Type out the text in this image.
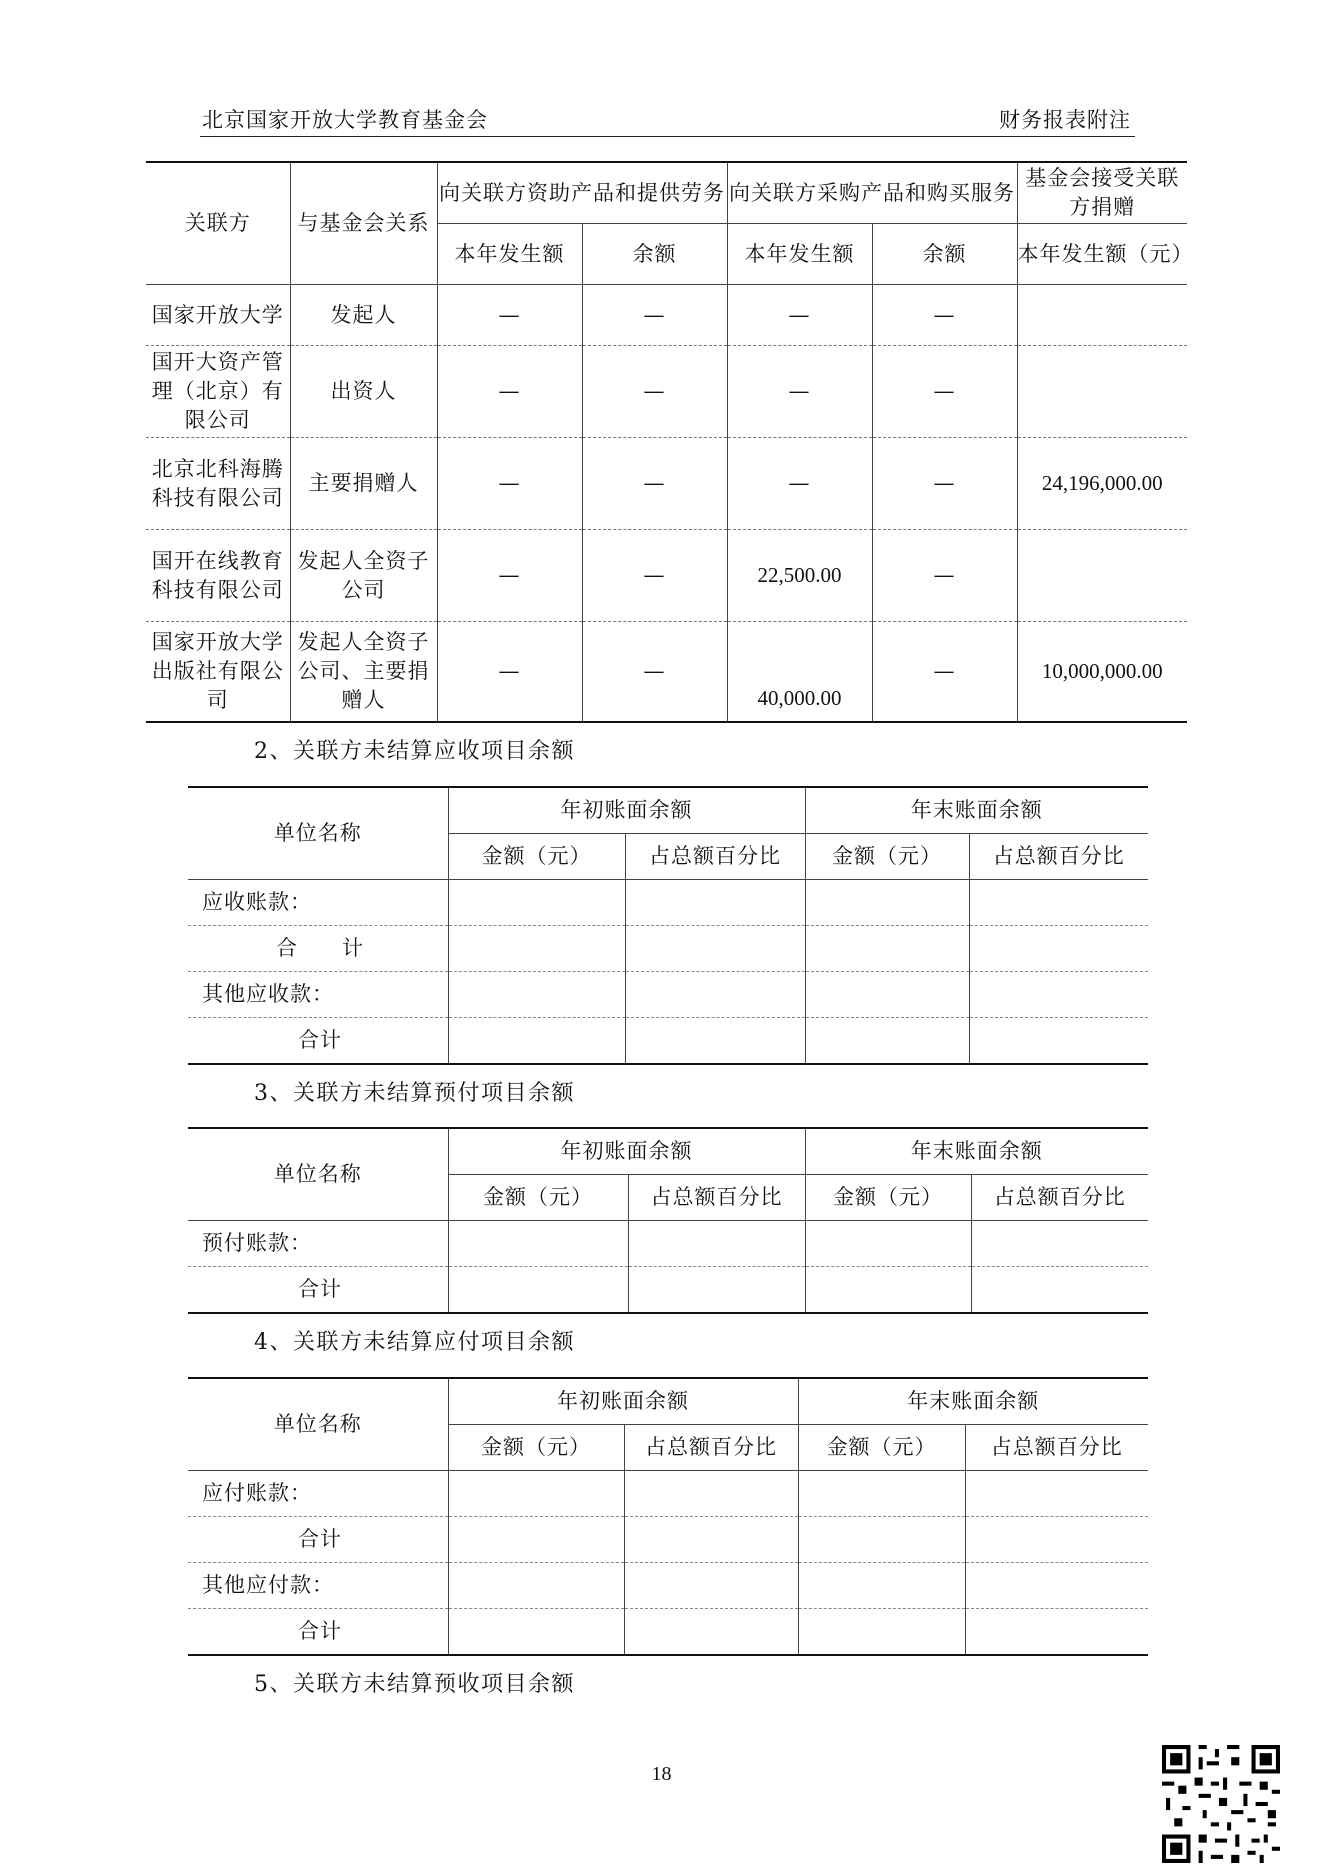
北京国家开放大学教育基金会	财务报表附注
关联方	与基金会关系	向关联方资助产品和提供劳务		向关联方采购产品和购买服务		基金会接受关联方捐赠
		本年发生额	余额	本年发生额	余额	本年发生额（元）
国家开放大学	发起人	—	—	—	—	
国开大资产管理（北京）有限公司	出资人	—	—	—	—	
北京北科海腾科技有限公司	主要捐赠人	—	—	—	—	24,196,000.00
国开在线教育科技有限公司	发起人全资子公司	—	—	22,500.00	—	
国家开放大学出版社有限公司	发起人全资子公司、主要捐赠人	—	—	40,000.00	—	10,000,000.00
2、关联方未结算应收项目余额
单位名称	年初账面余额		年末账面余额	
	金额（元）	占总额百分比	金额（元）	占总额百分比
应收账款：				
合　　计				
其他应收款：				
合计				
3、关联方未结算预付项目余额
单位名称	年初账面余额		年末账面余额	
	金额（元）	占总额百分比	金额（元）	占总额百分比
预付账款：				
合计				
4、关联方未结算应付项目余额
单位名称	年初账面余额		年末账面余额	
	金额（元）	占总额百分比	金额（元）	占总额百分比
应付账款：				
合计				
其他应付款：				
合计				
5、关联方未结算预收项目余额
18
